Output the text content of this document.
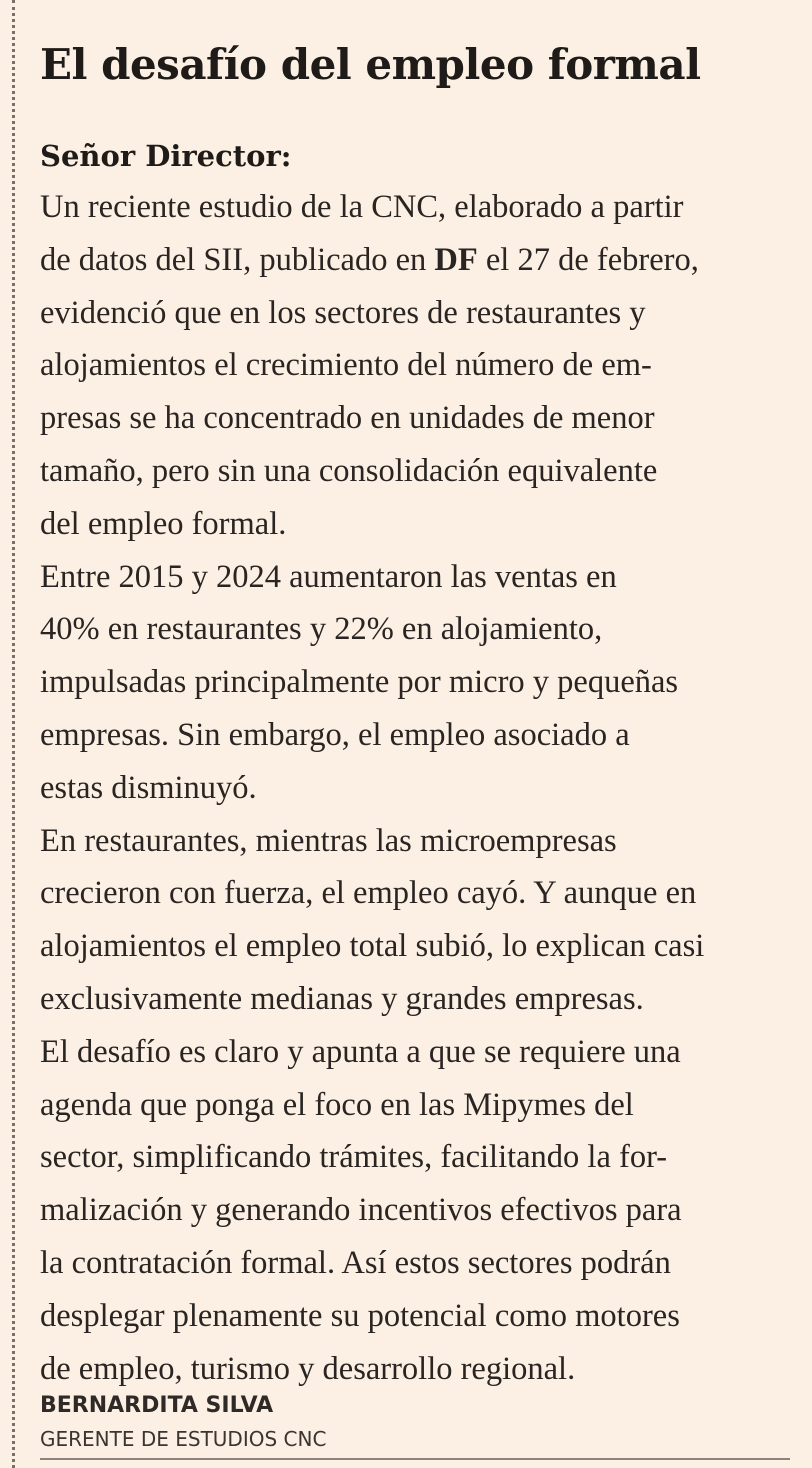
El desafío del empleo formal

Señor Director:

Un reciente estudio de la CNC, elaborado a partir
de datos del SII, publicado en DF el 27 de febrero,
evidenció que en los sectores de restaurantes y
alojamientos el crecimiento del número de em-
presas se ha concentrado en unidades de menor
tamaño, pero sin una consolidación equivalente
del empleo formal.
Entre 2015 y 2024 aumentaron las ventas en
40% en restaurantes y 22% en alojamiento,
impulsadas principalmente por micro y pequeñas
empresas. Sin embargo, el empleo asociado a
estas disminuyó.
En restaurantes, mientras las microempresas
crecieron con fuerza, el empleo cayó. Y aunque en
alojamientos el empleo total subió, lo explican casi
exclusivamente medianas y grandes empresas.
El desafío es claro y apunta a que se requiere una
agenda que ponga el foco en las Mipymes del
sector, simplificando trámites, facilitando la for-
malización y generando incentivos efectivos para
la contratación formal. Así estos sectores podrán
desplegar plenamente su potencial como motores
de empleo, turismo y desarrollo regional.

BERNARDITA SILVA

GERENTE DE ESTUDIOS CNC
